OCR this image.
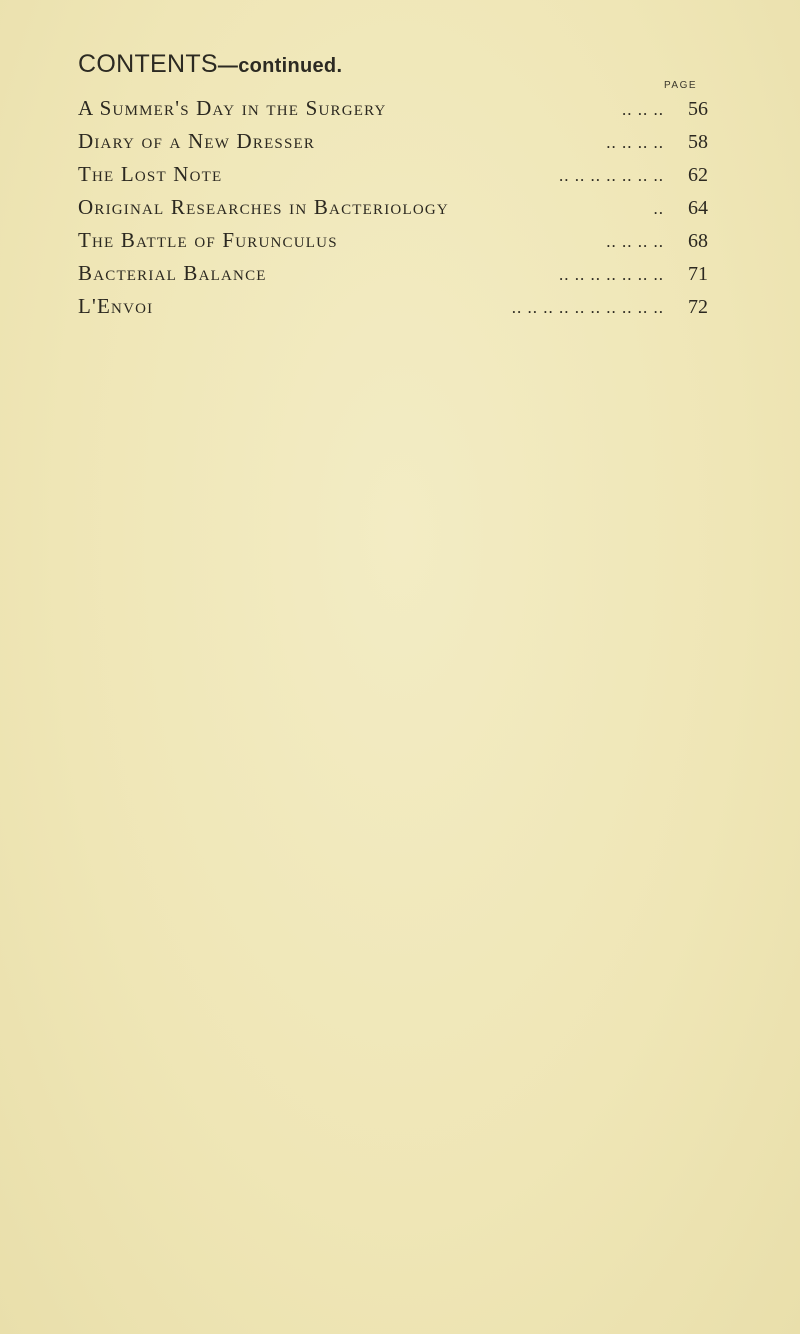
CONTENTS—continued.
PAGE
A Summer's Day in the Surgery	.. .. ..	56
Diary of a New Dresser	.. .. .. ..	58
The Lost Note	.. .. .. .. .. .. ..	62
Original Researches in Bacteriology	..	64
The Battle of Furunculus	.. .. .. ..	68
Bacterial Balance	.. .. .. .. .. .. ..	71
L'Envoi	.. .. .. .. .. .. .. .. .. ..	72
